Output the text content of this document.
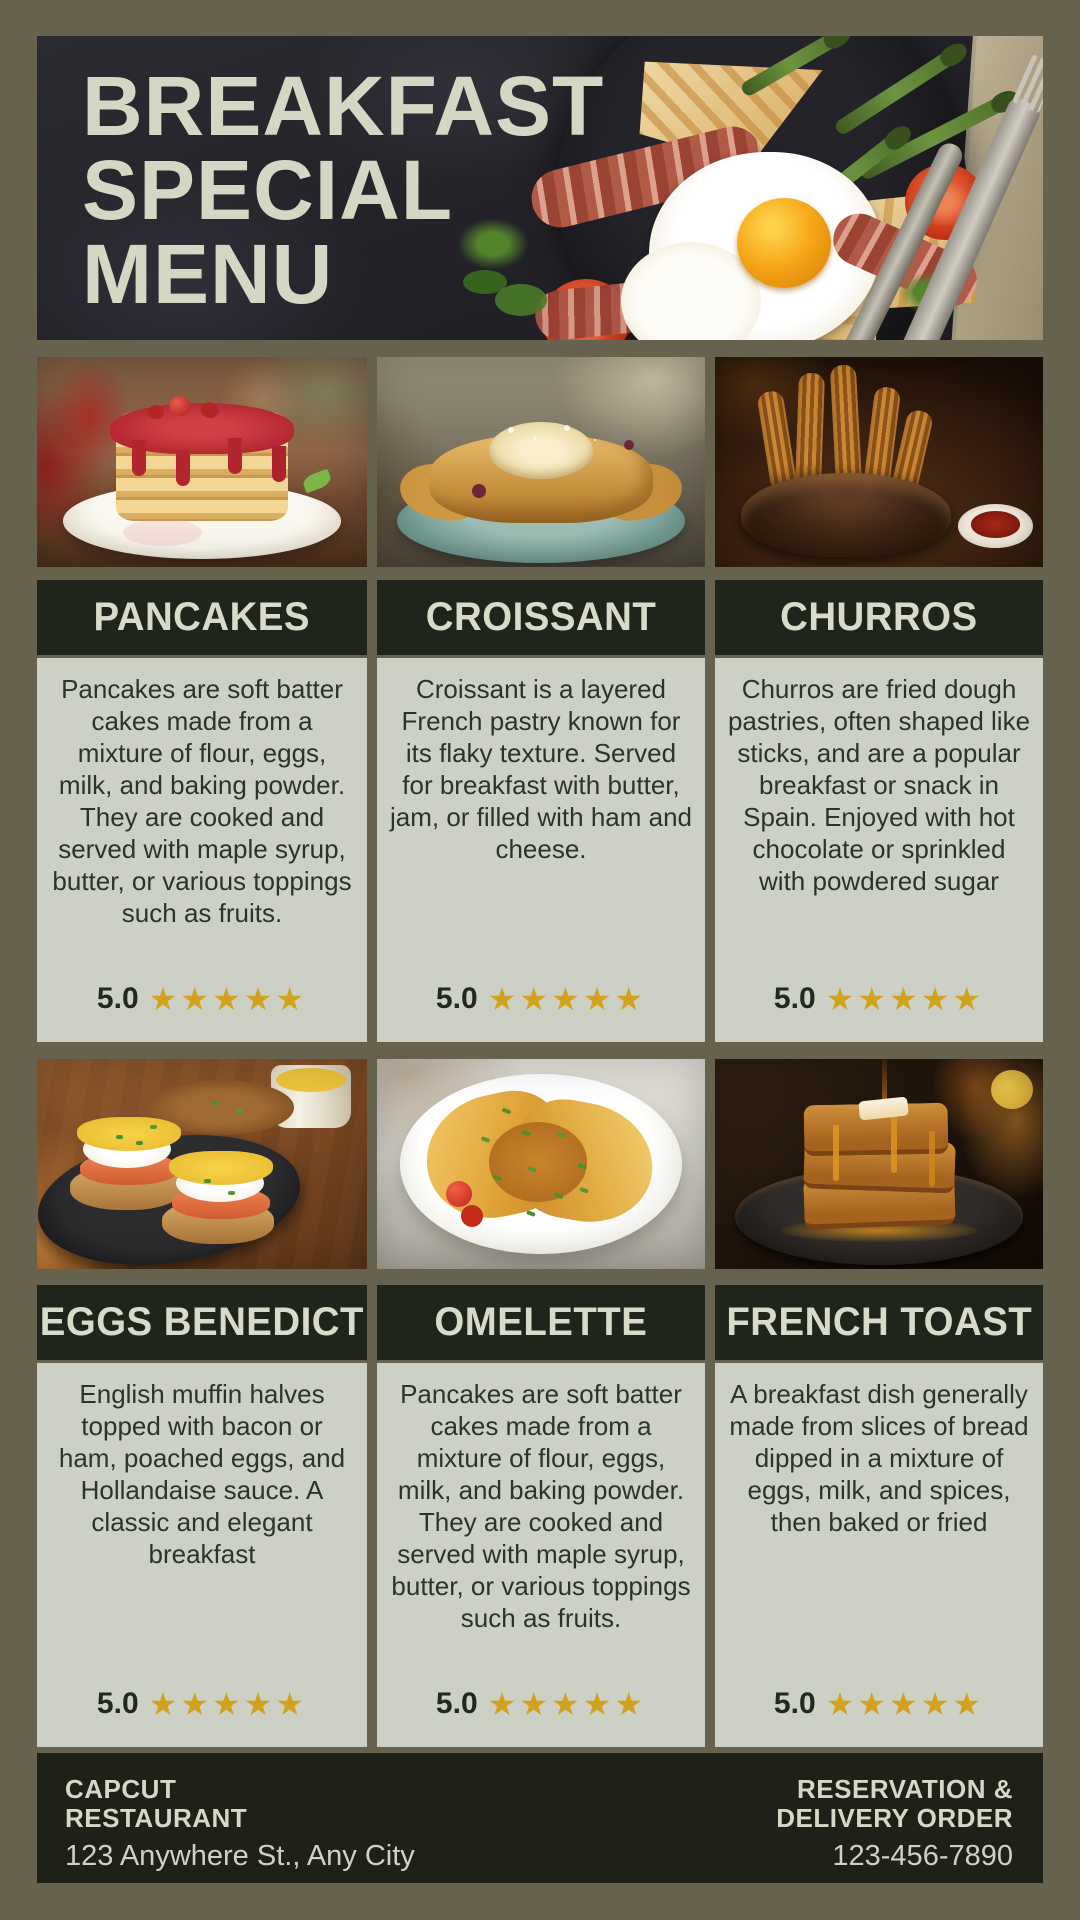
BREAKFAST
SPECIAL
MENU
PANCAKES

Pancakes are soft batter cakes made from a mixture of flour, eggs, milk, and baking powder. They are cooked and served with maple syrup, butter, or various toppings such as fruits.

5.0 ★★★★★
EGGS BENEDICT

English muffin halves topped with bacon or ham, poached eggs, and Hollandaise sauce. A classic and elegant breakfast

5.0 ★★★★★
CROISSANT

Croissant is a layered French pastry known for its flaky texture. Served for breakfast with butter, jam, or filled with ham and cheese.

5.0 ★★★★★
OMELETTE

Pancakes are soft batter cakes made from a mixture of flour, eggs, milk, and baking powder. They are cooked and served with maple syrup, butter, or various toppings such as fruits.

5.0 ★★★★★
CHURROS

Churros are fried dough pastries, often shaped like sticks, and are a popular breakfast or snack in Spain. Enjoyed with hot chocolate or sprinkled with powdered sugar

5.0 ★★★★★
FRENCH TOAST

A breakfast dish generally made from slices of bread dipped in a mixture of eggs, milk, and spices, then baked or fried

5.0 ★★★★★
CAPCUT
RESTAURANT
123 Anywhere St., Any City
RESERVATION &
DELIVERY ORDER
123-456-7890
